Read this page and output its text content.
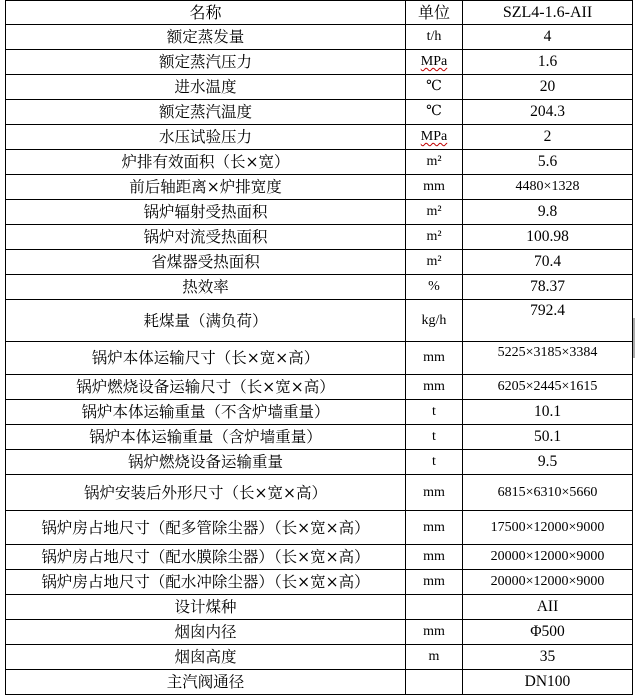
名称	单位	SZL4-1.6-AII
额定蒸发量	t/h	4
额定蒸汽压力	MPa	1.6
进水温度	℃	20
额定蒸汽温度	℃	204.3
水压试验压力	MPa	2
炉排有效面积（长×宽）	m²	5.6
前后轴距离×炉排宽度	mm	4480×1328
锅炉辐射受热面积	m²	9.8
锅炉对流受热面积	m²	100.98
省煤器受热面积	m²	70.4
热效率	%	78.37
耗煤量（满负荷）	kg/h	792.4
锅炉本体运输尺寸（长×宽×高）	mm	5225×3185×3384
锅炉燃烧设备运输尺寸（长×宽×高）	mm	6205×2445×1615
锅炉本体运输重量（不含炉墙重量）	t	10.1
锅炉本体运输重量（含炉墙重量）	t	50.1
锅炉燃烧设备运输重量	t	9.5
锅炉安装后外形尺寸（长×宽×高）	mm	6815×6310×5660
锅炉房占地尺寸（配多管除尘器）（长×宽×高）	mm	17500×12000×9000
锅炉房占地尺寸（配水膜除尘器）（长×宽×高）	mm	20000×12000×9000
锅炉房占地尺寸（配水冲除尘器）（长×宽×高）	mm	20000×12000×9000
设计煤种		AII
烟囱内径	mm	Φ500
烟囱高度	m	35
主汽阀通径		DN100
